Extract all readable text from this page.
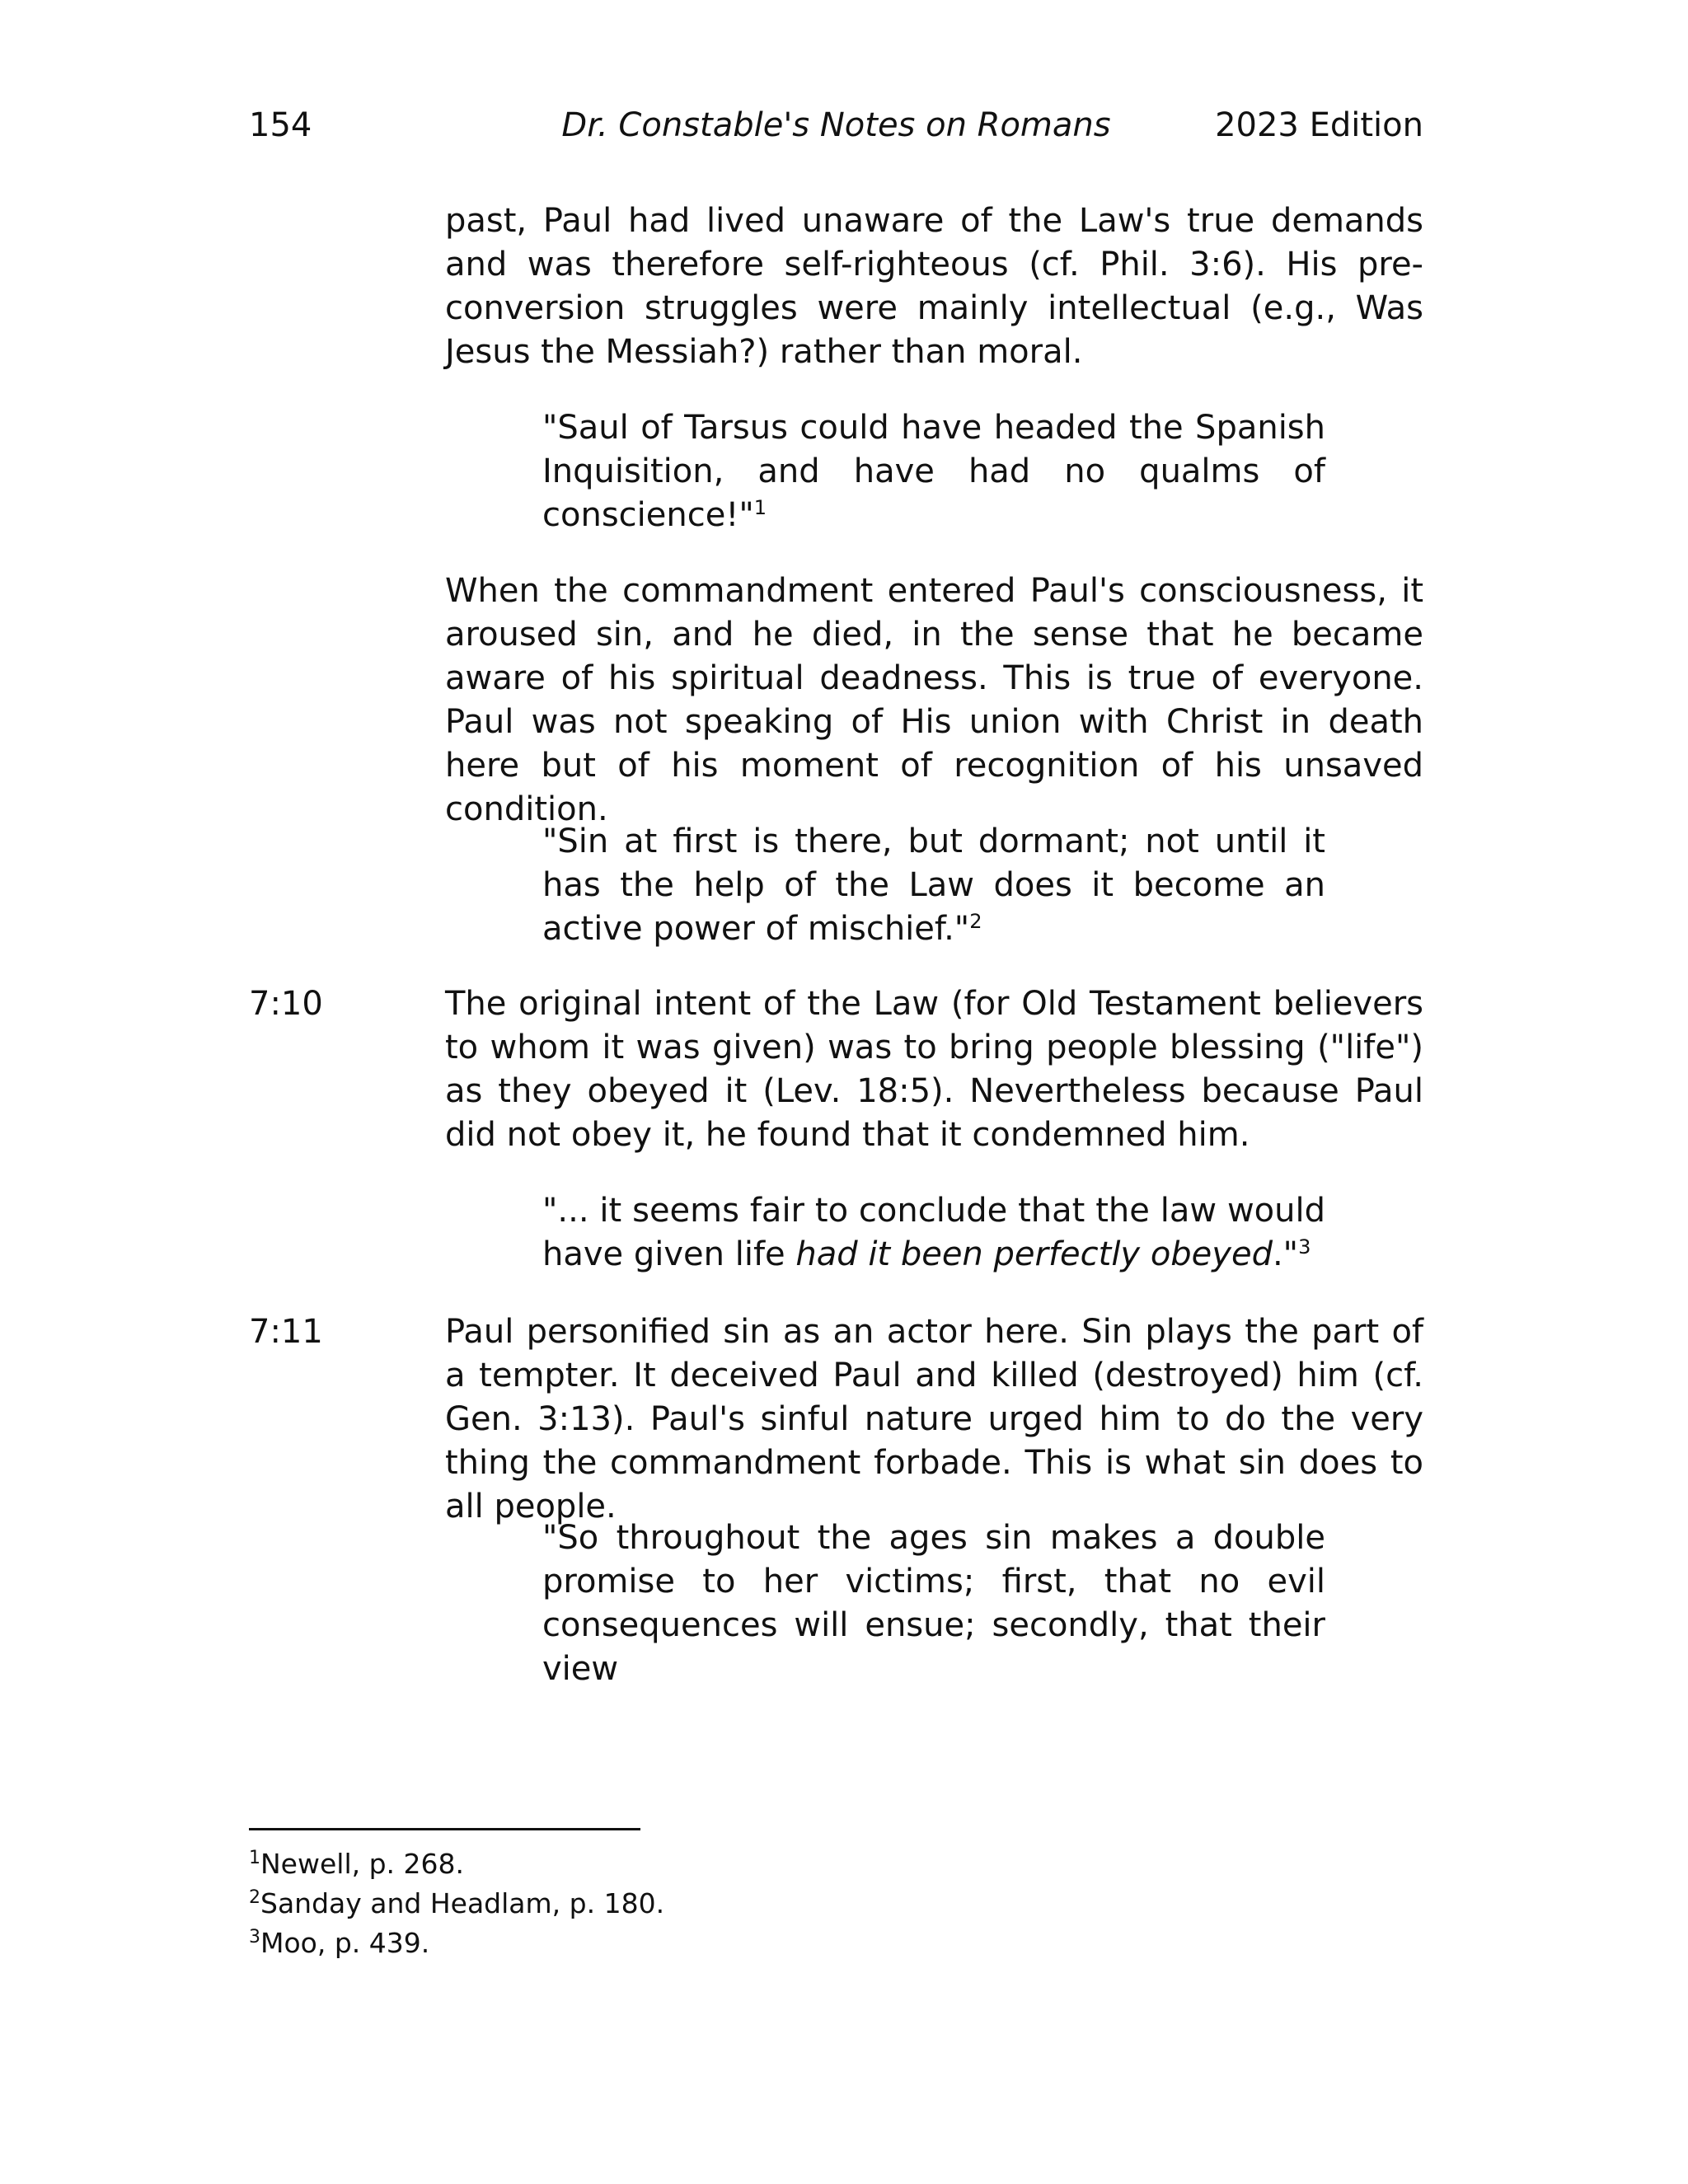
154	Dr. Constable's Notes on Romans	2023 Edition

past, Paul had lived unaware of the Law's true demands and was therefore self-righteous (cf. Phil. 3:6). His pre-conversion struggles were mainly intellectual (e.g., Was Jesus the Messiah?) rather than moral.

"Saul of Tarsus could have headed the Spanish Inquisition, and have had no qualms of conscience!"$^1$

When the commandment entered Paul's consciousness, it aroused sin, and he died, in the sense that he became aware of his spiritual deadness. This is true of everyone. Paul was not speaking of His union with Christ in death here but of his moment of recognition of his unsaved condition.

"Sin at first is there, but dormant; not until it has the help of the Law does it become an active power of mischief."$^2$

7:10	The original intent of the Law (for Old Testament believers to whom it was given) was to bring people blessing ("life") as they obeyed it (Lev. 18:5). Nevertheless because Paul did not obey it, he found that it condemned him.

"... it seems fair to conclude that the law would have given life had it been perfectly obeyed."$^3$

7:11	Paul personified sin as an actor here. Sin plays the part of a tempter. It deceived Paul and killed (destroyed) him (cf. Gen. 3:13). Paul's sinful nature urged him to do the very thing the commandment forbade. This is what sin does to all people.

"So throughout the ages sin makes a double promise to her victims; first, that no evil consequences will ensue; secondly, that their view

$^1$Newell, p. 268.
$^2$Sanday and Headlam, p. 180.
$^3$Moo, p. 439.
